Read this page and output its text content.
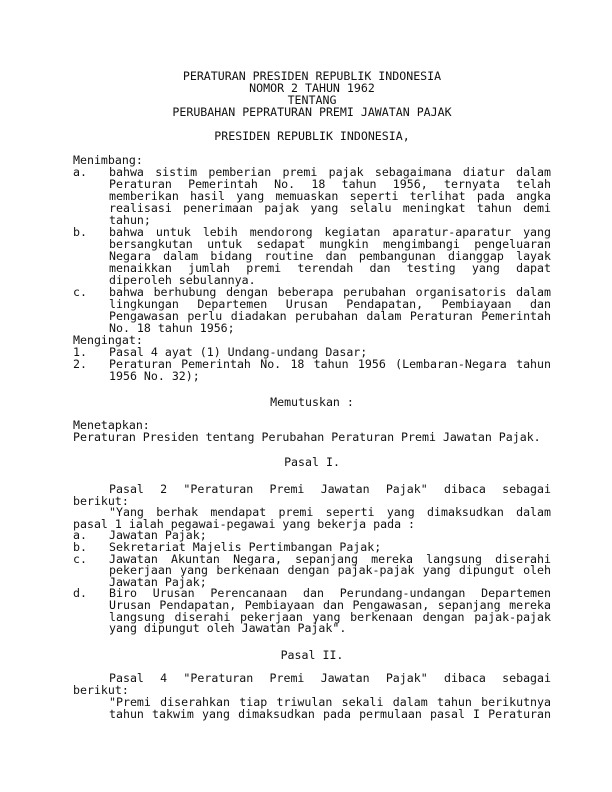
PERATURAN PRESIDEN REPUBLIK INDONESIA
NOMOR 2 TAHUN 1962
TENTANG
PERUBAHAN PEPRATURAN PREMI JAWATAN PAJAK
PRESIDEN REPUBLIK INDONESIA,
Menimbang:
a.	bahwa sistim pemberian premi pajak sebagaimana diatur dalam
Peraturan Pemerintah No. 18 tahun 1956, ternyata telah
memberikan hasil yang memuaskan seperti terlihat pada angka
realisasi penerimaan pajak yang selalu meningkat tahun demi
tahun;
b.	bahwa untuk lebih mendorong kegiatan aparatur-aparatur yang
bersangkutan untuk sedapat mungkin mengimbangi pengeluaran
Negara dalam bidang routine dan pembangunan dianggap layak
menaikkan jumlah premi terendah dan testing yang dapat
diperoleh sebulannya.
c.	bahwa berhubung dengan beberapa perubahan organisatoris dalam
lingkungan Departemen Urusan Pendapatan, Pembiayaan dan
Pengawasan perlu diadakan perubahan dalam Peraturan Pemerintah
No. 18 tahun 1956;
Mengingat:
1.	Pasal 4 ayat (1) Undang-undang Dasar;
2.	Peraturan Pemerintah No. 18 tahun 1956 (Lembaran-Negara tahun
1956 No. 32);
Memutuskan :
Menetapkan:
Peraturan Presiden tentang Perubahan Peraturan Premi Jawatan Pajak.
Pasal I.
Pasal 2 "Peraturan Premi Jawatan Pajak" dibaca sebagai
berikut:
"Yang berhak mendapat premi seperti yang dimaksudkan dalam
pasal 1 ialah pegawai-pegawai yang bekerja pada :
a.	Jawatan Pajak;
b.	Sekretariat Majelis Pertimbangan Pajak;
c.	Jawatan Akuntan Negara, sepanjang mereka langsung diserahi
pekerjaan yang berkenaan dengan pajak-pajak yang dipungut oleh
Jawatan Pajak;
d.	Biro Urusan Perencanaan dan Perundang-undangan Departemen
Urusan Pendapatan, Pembiayaan dan Pengawasan, sepanjang mereka
langsung diserahi pekerjaan yang berkenaan dengan pajak-pajak
yang dipungut oleh Jawatan Pajak".
Pasal II.
Pasal 4 "Peraturan Premi Jawatan Pajak" dibaca sebagai
berikut:
"Premi diserahkan tiap triwulan sekali dalam tahun berikutnya
tahun takwim yang dimaksudkan pada permulaan pasal I Peraturan
